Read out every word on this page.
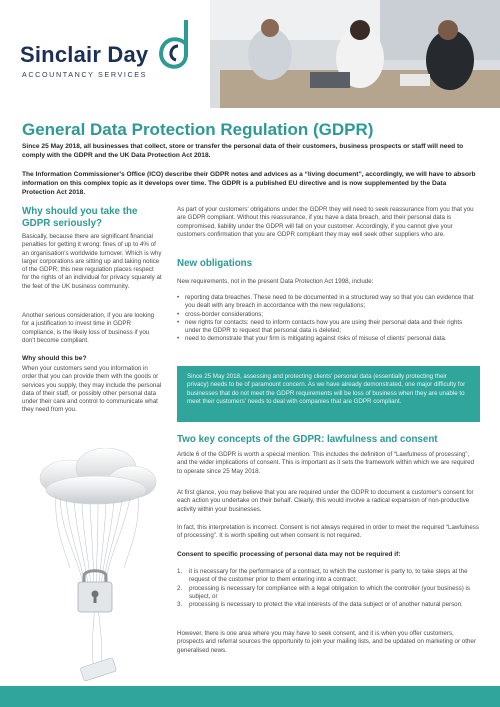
Sinclair Day
ACCOUNTANCY SERVICES
General Data Protection Regulation (GDPR)
Since 25 May 2018, all businesses that collect, store or transfer the personal data of their customers, business prospects or staff will need to comply with the GDPR and the UK Data Protection Act 2018.
The Information Commissioner's Office (ICO) describe their GDPR notes and advices as a “living document”, accordingly, we will have to absorb information on this complex topic as it develops over time. The GDPR is a published EU directive and is now supplemented by the Data Protection Act 2018.
Why should you take the GDPR seriously?
Basically, because there are significant financial penalties for getting it wrong: fines of up to 4% of an organisation's worldwide turnover. Which is why larger corporations are sitting up and taking notice of the GDPR; this new regulation places respect for the rights of an individual for privacy squarely at the feet of the UK business community.
Another serious consideration, if you are looking for a justification to invest time in GDPR compliance, is the likely loss of business if you don't become compliant.
Why should this be?
When your customers send you information in order that you can provide them with the goods or services you supply, they may include the personal data of their staff, or possibly other personal data under their care and control to communicate what they need from you.
As part of your customers' obligations under the GDPR they will need to seek reassurance from you that you are GDPR compliant. Without this reassurance, if you have a data breach, and their personal data is compromised, liability under the GDPR will fall on your customer. Accordingly, if you cannot give your customers confirmation that you are GDPR compliant they may well seek other suppliers who are.
New obligations
New requirements, not in the present Data Protection Act 1998, include:
• reporting data breaches. These need to be documented in a structured way so that you can evidence that you dealt with any breach in accordance with the new regulations;
• cross-border considerations;
• new rights for contacts: need to inform contacts how you are using their personal data and their rights under the GDPR to request that personal data is deleted;
• need to demonstrate that your firm is mitigating against risks of misuse of clients' personal data.
Since 25 May 2018, assessing and protecting clients' personal data (essentially protecting their privacy) needs to be of paramount concern. As we have already demonstrated, one major difficulty for businesses that do not meet the GDPR requirements will be loss of business when they are unable to meet their customers' needs to deal with companies that are GDPR compliant.
Two key concepts of the GDPR: lawfulness and consent
Article 6 of the GDPR is worth a special mention. This includes the definition of “Lawfulness of processing”, and the wider implications of consent. This is important as it sets the framework within which we are required to operate since 25 May 2018.
At first glance, you may believe that you are required under the GDPR to document a customer's consent for each action you undertake on their behalf. Clearly, this would involve a radical expansion of non-productive activity within your businesses.
In fact, this interpretation is incorrect. Consent is not always required in order to meet the required “Lawfulness of processing”. It is worth spelling out when consent is not required.
Consent to specific processing of personal data may not be required if:
1. it is necessary for the performance of a contract, to which the customer is party to, to take steps at the request of the customer prior to them entering into a contract;
2. processing is necessary for compliance with a legal obligation to which the controller (your business) is subject, or
3. processing is necessary to protect the vital interests of the data subject or of another natural person.
However, there is one area where you may have to seek consent, and it is when you offer customers, prospects and referral sources the opportunity to join your mailing lists, and be updated on marketing or other generalised news.
